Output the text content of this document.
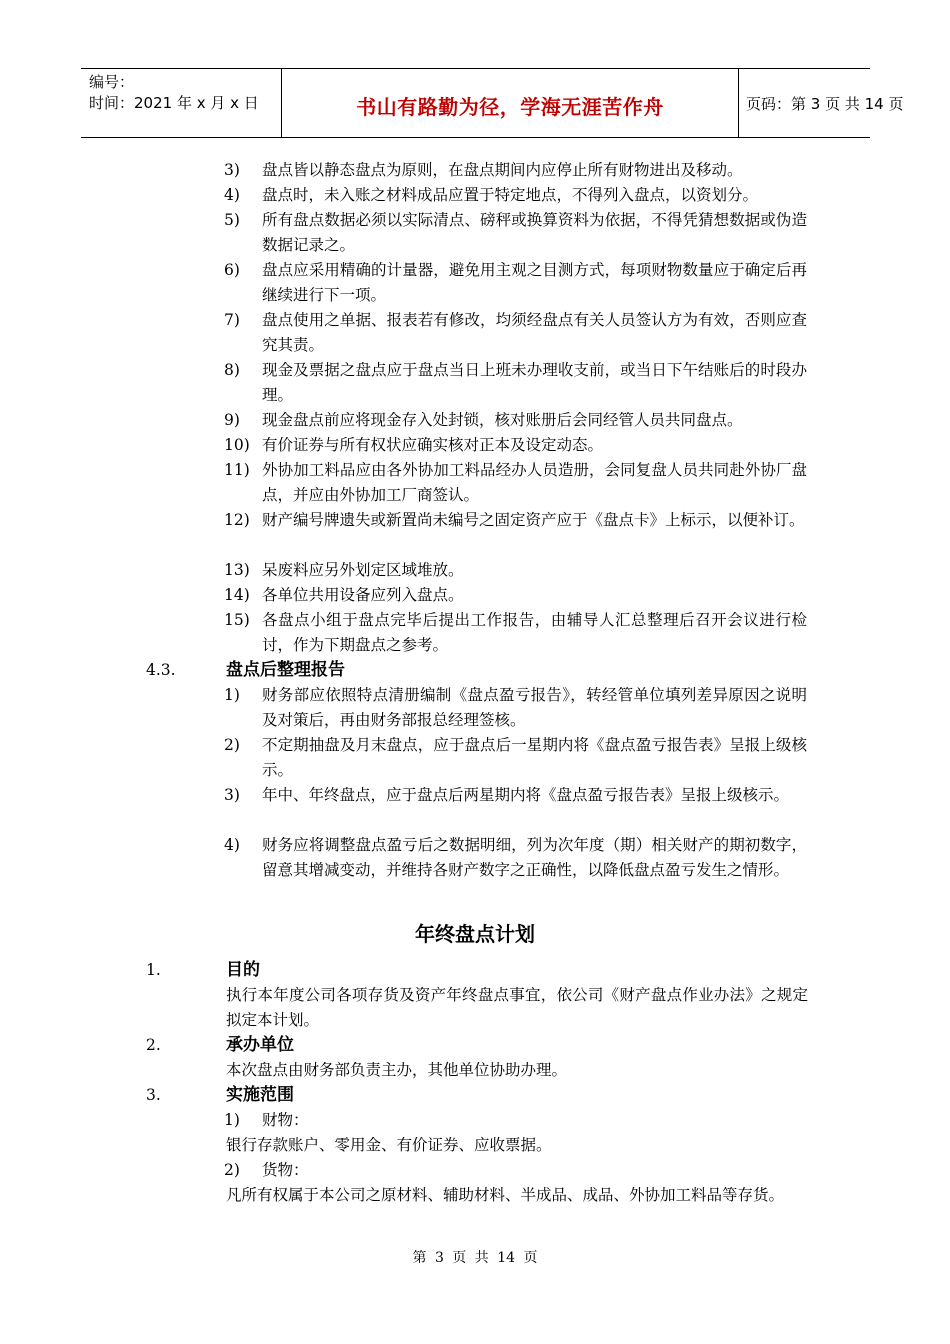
编号：
时间：2021 年 x 月 x 日	书山有路勤为径，学海无涯苦作舟	页码：第 3 页 共 14 页
3)	盘点皆以静态盘点为原则，在盘点期间内应停止所有财物进出及移动。
4)	盘点时，未入账之材料成品应置于特定地点，不得列入盘点，以资划分。
5)	所有盘点数据必须以实际清点、磅秤或换算资料为依据，不得凭猜想数据或伪造数据记录之。
6)	盘点应采用精确的计量器，避免用主观之目测方式，每项财物数量应于确定后再继续进行下一项。
7)	盘点使用之单据、报表若有修改，均须经盘点有关人员签认方为有效，否则应查究其责。
8)	现金及票据之盘点应于盘点当日上班未办理收支前，或当日下午结账后的时段办理。
9)	现金盘点前应将现金存入处封锁，核对账册后会同经管人员共同盘点。
10) 有价证券与所有权状应确实核对正本及设定动态。
11) 外协加工料品应由各外协加工料品经办人员造册，会同复盘人员共同赴外协厂盘点，并应由外协加工厂商签认。
12) 财产编号牌遗失或新置尚未编号之固定资产应于《盘点卡》上标示，以便补订。
13) 呆废料应另外划定区域堆放。
14) 各单位共用设备应列入盘点。
15) 各盘点小组于盘点完毕后提出工作报告，由辅导人汇总整理后召开会议进行检讨，作为下期盘点之参考。
4.3.	盘点后整理报告
1)	财务部应依照特点清册编制《盘点盈亏报告》，转经管单位填列差异原因之说明及对策后，再由财务部报总经理签核。
2)	不定期抽盘及月末盘点，应于盘点后一星期内将《盘点盈亏报告表》呈报上级核示。
3)	年中、年终盘点，应于盘点后两星期内将《盘点盈亏报告表》呈报上级核示。
4)	财务应将调整盘点盈亏后之数据明细，列为次年度（期）相关财产的期初数字，留意其增减变动，并维持各财产数字之正确性，以降低盘点盈亏发生之情形。
年终盘点计划
1.	目的
执行本年度公司各项存货及资产年终盘点事宜，依公司《财产盘点作业办法》之规定拟定本计划。
2.	承办单位
本次盘点由财务部负责主办，其他单位协助办理。
3.	实施范围
1)	财物：
银行存款账户、零用金、有价证券、应收票据。
2)	货物：
凡所有权属于本公司之原材料、辅助材料、半成品、成品、外协加工料品等存货。
第 3 页 共 14 页
